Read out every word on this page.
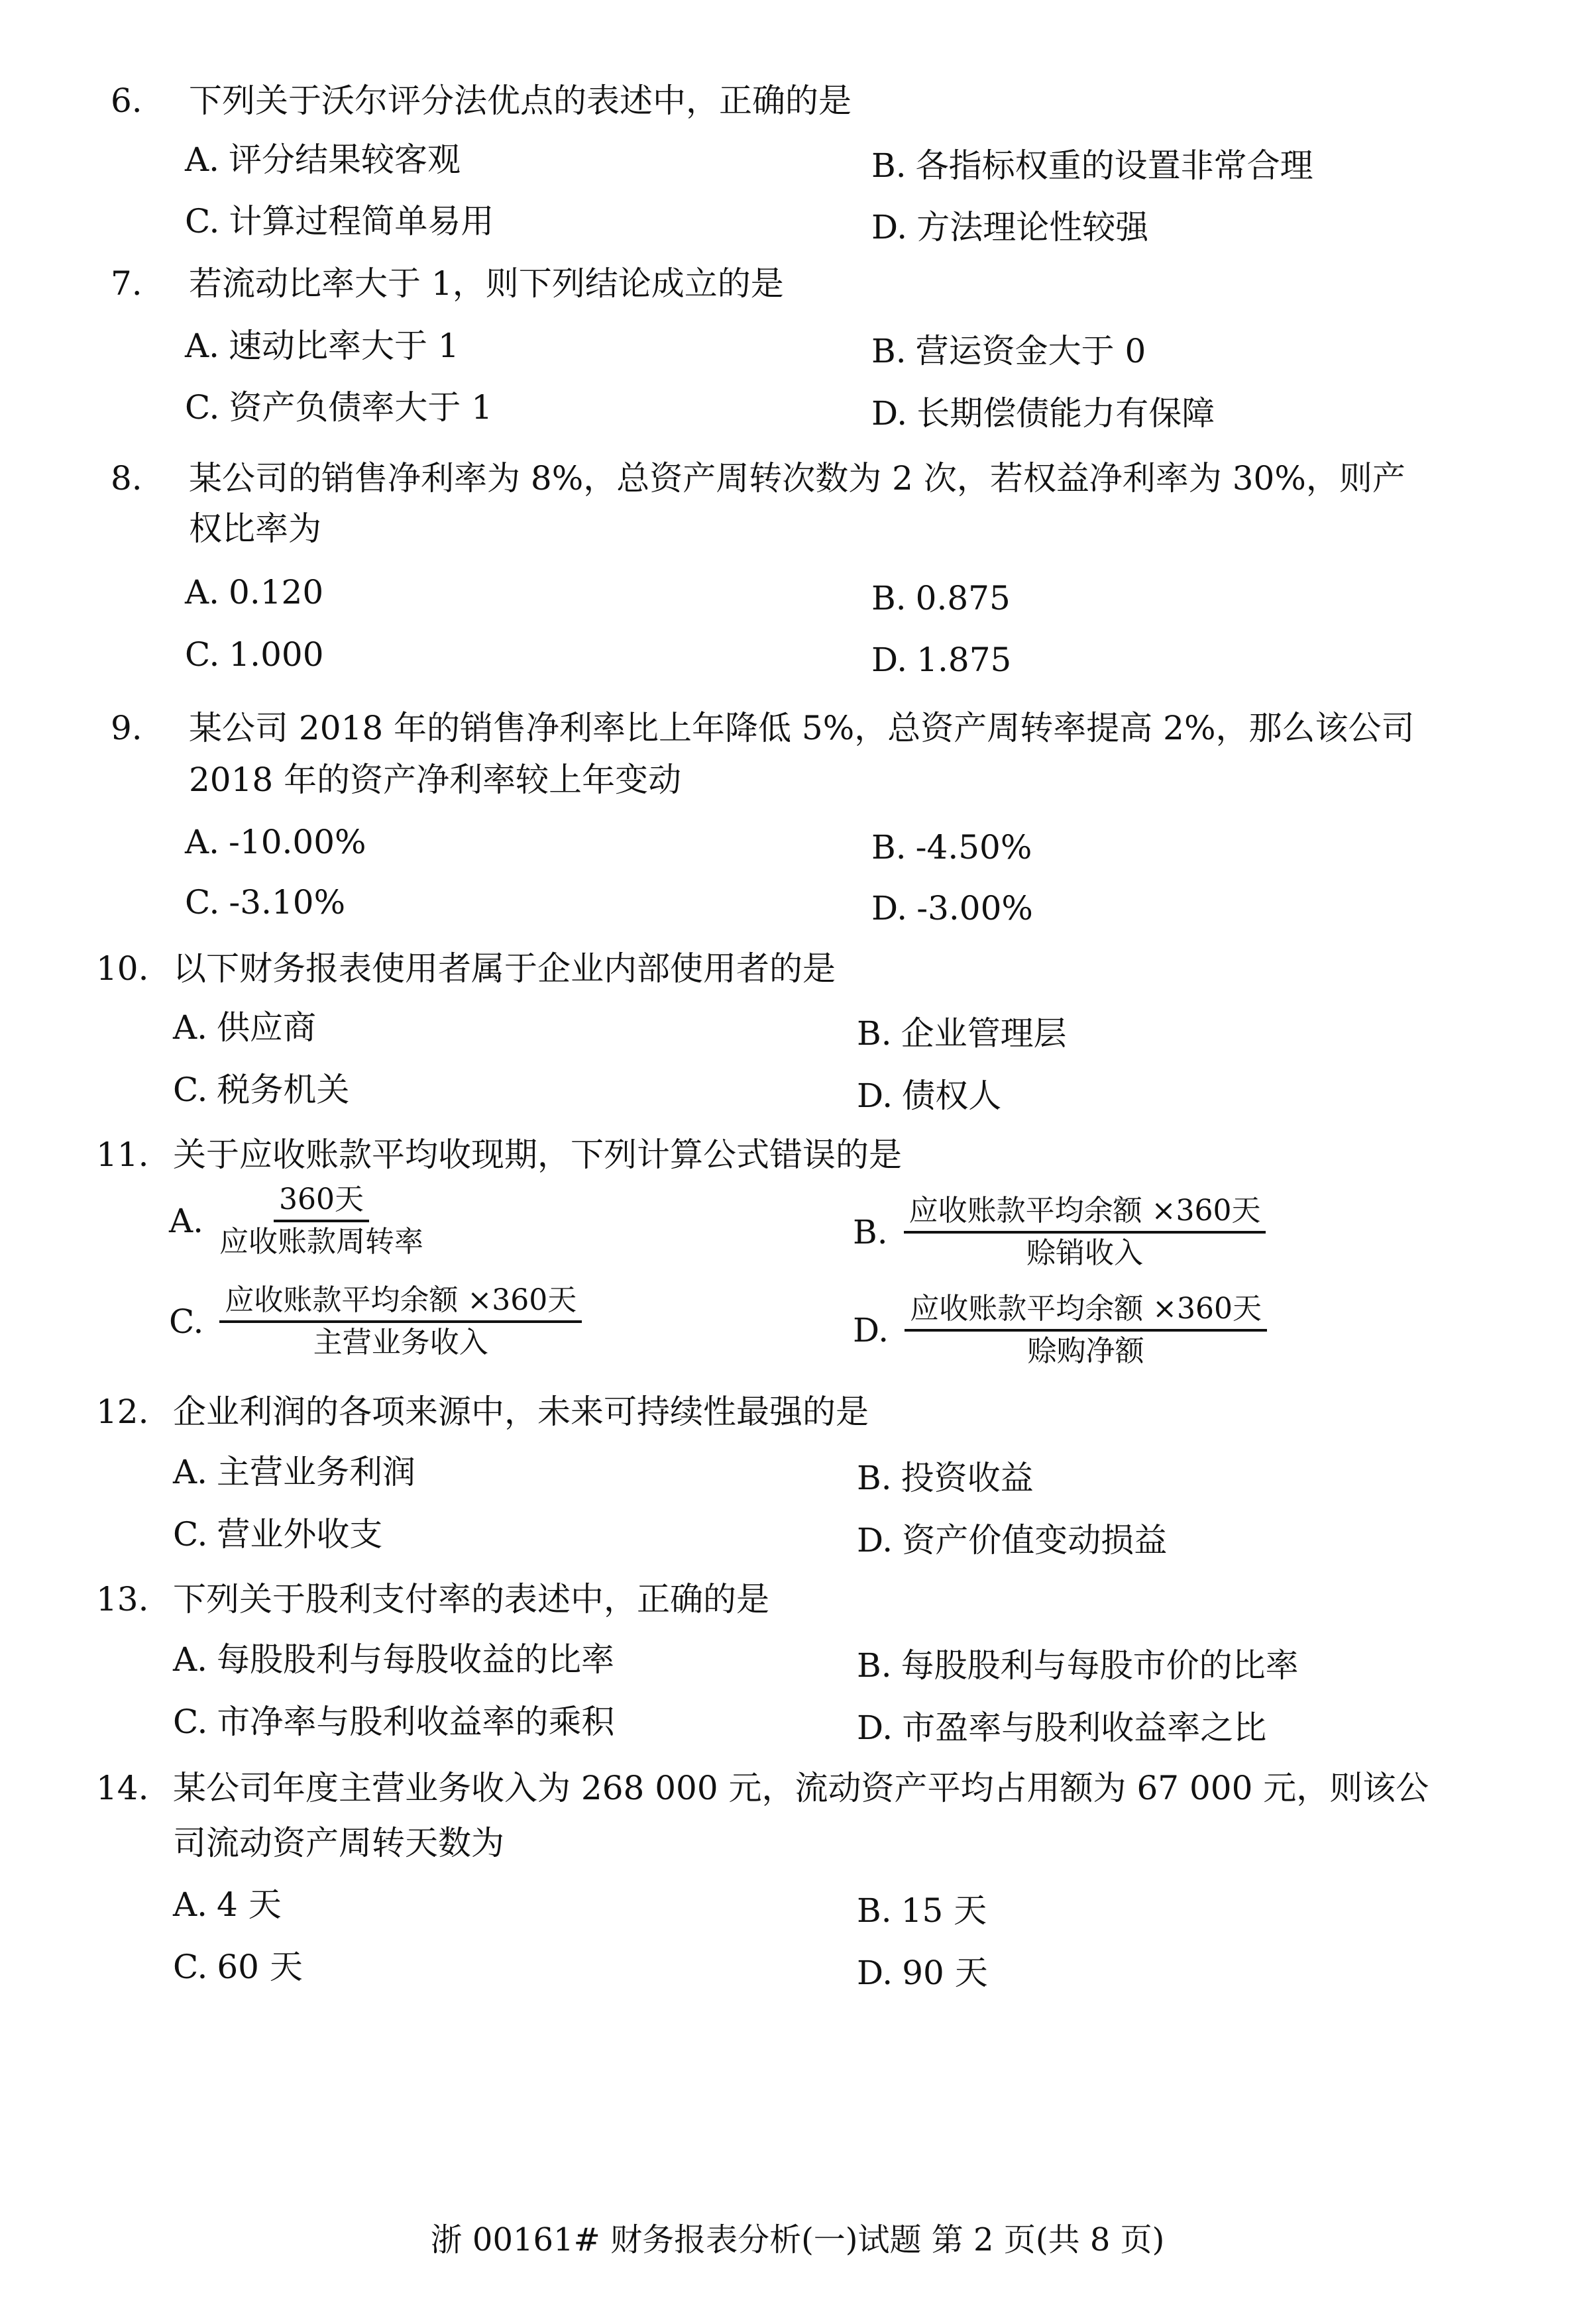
6. 下列关于沃尔评分法优点的表述中，正确的是
A. 评分结果较客观	B. 各指标权重的设置非常合理
C. 计算过程简单易用	D. 方法理论性较强
7. 若流动比率大于 1，则下列结论成立的是
A. 速动比率大于 1	B. 营运资金大于 0
C. 资产负债率大于 1	D. 长期偿债能力有保障
8. 某公司的销售净利率为 8%，总资产周转次数为 2 次，若权益净利率为 30%，则产
权比率为
A. 0.120	B. 0.875
C. 1.000	D. 1.875
9. 某公司 2018 年的销售净利率比上年降低 5%，总资产周转率提高 2%，那么该公司
2018 年的资产净利率较上年变动
A. -10.00%	B. -4.50%
C. -3.10%	D. -3.00%
10. 以下财务报表使用者属于企业内部使用者的是
A. 供应商	B. 企业管理层
C. 税务机关	D. 债权人
11. 关于应收账款平均收现期，下列计算公式错误的是
A. $\frac{\text{360天}}{\text{应收账款周转率}}$	B. $\frac{\text{应收账款平均余额 ×360天}}{\text{赊销收入}}$
C. $\frac{\text{应收账款平均余额 ×360天}}{\text{主营业务收入}}$	D. $\frac{\text{应收账款平均余额 ×360天}}{\text{赊购净额}}$
12. 企业利润的各项来源中，未来可持续性最强的是
A. 主营业务利润	B. 投资收益
C. 营业外收支	D. 资产价值变动损益
13. 下列关于股利支付率的表述中，正确的是
A. 每股股利与每股收益的比率	B. 每股股利与每股市价的比率
C. 市净率与股利收益率的乘积	D. 市盈率与股利收益率之比
14. 某公司年度主营业务收入为 268 000 元，流动资产平均占用额为 67 000 元，则该公
司流动资产周转天数为
A. 4 天	B. 15 天
C. 60 天	D. 90 天
浙 00161# 财务报表分析(一)试题 第 2 页(共 8 页)
